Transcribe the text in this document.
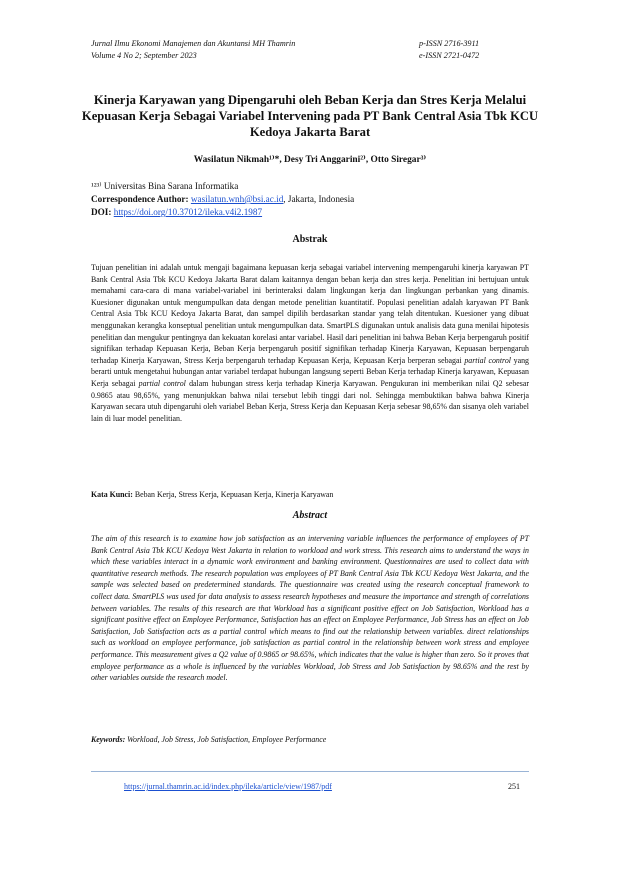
Jurnal Ilmu Ekonomi Manajemen dan Akuntansi MH Thamrin	p-ISSN 2716-3911
Volume 4 No 2; September 2023	e-ISSN 2721-0472
Kinerja Karyawan yang Dipengaruhi oleh Beban Kerja dan Stres Kerja Melalui Kepuasan Kerja Sebagai Variabel Intervening pada PT Bank Central Asia Tbk KCU Kedoya Jakarta Barat
Wasilatun Nikmah¹⁾*, Desy Tri Anggarini²⁾, Otto Siregar³⁾
¹²³⁾ Universitas Bina Sarana Informatika
Correspondence Author: wasilatun.wnh@bsi.ac.id, Jakarta, Indonesia
DOI: https://doi.org/10.37012/ileka.v4i2.1987
Abstrak
Tujuan penelitian ini adalah untuk mengaji bagaimana kepuasan kerja sebagai variabel intervening mempengaruhi kinerja karyawan PT Bank Central Asia Tbk KCU Kedoya Jakarta Barat dalam kaitannya dengan beban kerja dan stres kerja. Penelitian ini bertujuan untuk memahami cara-cara di mana variabel-variabel ini berinteraksi dalam lingkungan kerja dan lingkungan perbankan yang dinamis. Kuesioner digunakan untuk mengumpulkan data dengan metode penelitian kuantitatif. Populasi penelitian adalah karyawan PT Bank Central Asia Tbk KCU Kedoya Jakarta Barat, dan sampel dipilih berdasarkan standar yang telah ditentukan. Kuesioner yang dibuat menggunakan kerangka konseptual penelitian untuk mengumpulkan data. SmartPLS digunakan untuk analisis data guna menilai hipotesis penelitian dan mengukur pentingnya dan kekuatan korelasi antar variabel. Hasil dari penelitian ini bahwa Beban Kerja berpengaruh positif signifikan terhadap Kepuasan Kerja, Beban Kerja berpengaruh positif signifikan terhadap Kinerja Karyawan, Kepuasan berpengaruh terhadap Kinerja Karyawan, Stress Kerja berpengaruh terhadap Kepuasan Kerja, Kepuasan Kerja berperan sebagai partial control yang berarti untuk mengetahui hubungan antar variabel terdapat hubungan langsung seperti Beban Kerja terhadap Kinerja karyawan, Kepuasan Kerja sebagai partial control dalam hubungan stress kerja terhadap Kinerja Karyawan. Pengukuran ini memberikan nilai Q2 sebesar 0.9865 atau 98,65%, yang menunjukkan bahwa nilai tersebut lebih tinggi dari nol. Sehingga membuktikan bahwa bahwa Kinerja Karyawan secara utuh dipengaruhi oleh variabel Beban Kerja, Stress Kerja dan Kepuasan Kerja sebesar 98,65% dan sisanya oleh variabel lain di luar model penelitian.
Kata Kunci: Beban Kerja, Stress Kerja, Kepuasan Kerja, Kinerja Karyawan
Abstract
The aim of this research is to examine how job satisfaction as an intervening variable influences the performance of employees of PT Bank Central Asia Tbk KCU Kedoya West Jakarta in relation to workload and work stress. This research aims to understand the ways in which these variables interact in a dynamic work environment and banking environment. Questionnaires are used to collect data with quantitative research methods. The research population was employees of PT Bank Central Asia Tbk KCU Kedoya West Jakarta, and the sample was selected based on predetermined standards. The questionnaire was created using the research conceptual framework to collect data. SmartPLS was used for data analysis to assess research hypotheses and measure the importance and strength of correlations between variables. The results of this research are that Workload has a significant positive effect on Job Satisfaction, Workload has a significant positive effect on Employee Performance, Satisfaction has an effect on Employee Performance, Job Stress has an effect on Job Satisfaction, Job Satisfaction acts as a partial control which means to find out the relationship between variables. direct relationships such as workload on employee performance, job satisfaction as partial control in the relationship between work stress and employee performance. This measurement gives a Q2 value of 0.9865 or 98.65%, which indicates that the value is higher than zero. So it proves that employee performance as a whole is influenced by the variables Workload, Job Stress and Job Satisfaction by 98.65% and the rest by other variables outside the research model.
Keywords: Workload, Job Stress, Job Satisfaction, Employee Performance
https://jurnal.thamrin.ac.id/index.php/ileka/article/view/1987/pdf	251
